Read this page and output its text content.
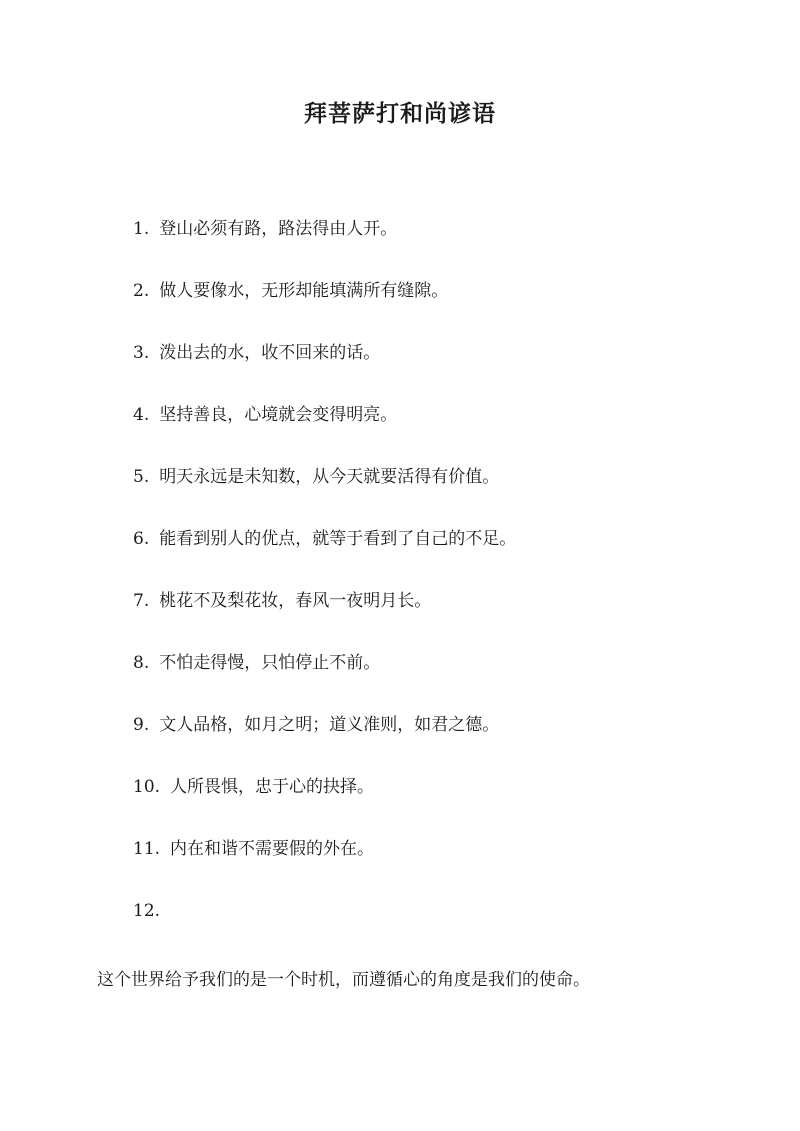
拜菩萨打和尚谚语
1. 登山必须有路，路法得由人开。
2. 做人要像水，无形却能填满所有缝隙。
3. 泼出去的水，收不回来的话。
4. 坚持善良，心境就会变得明亮。
5. 明天永远是未知数，从今天就要活得有价值。
6. 能看到别人的优点，就等于看到了自己的不足。
7. 桃花不及梨花妆，春风一夜明月长。
8. 不怕走得慢，只怕停止不前。
9. 文人品格，如月之明；道义准则，如君之德。
10. 人所畏惧，忠于心的抉择。
11. 内在和谐不需要假的外在。
12.

这个世界给予我们的是一个时机，而遵循心的角度是我们的使命。
